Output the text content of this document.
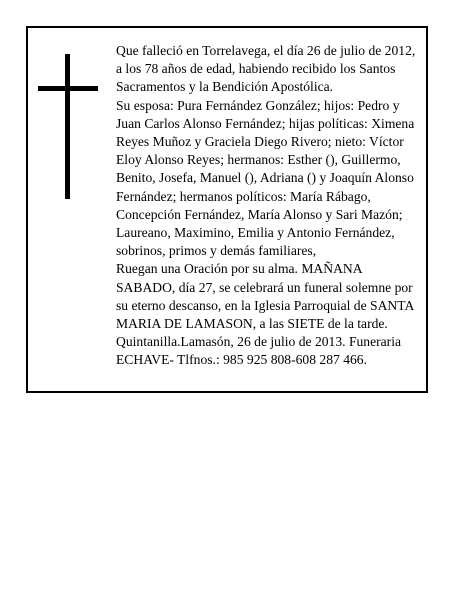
Que falleció en Torrelavega, el día 26 de julio de 2012, a los 78 años de edad, habiendo recibido los Santos Sacramentos y la Bendición Apostólica.

Su esposa: Pura Fernández González; hijos: Pedro y Juan Carlos Alonso Fernández; hijas políticas: Ximena Reyes Muñoz y Graciela Diego Rivero; nieto: Víctor Eloy Alonso Reyes; hermanos: Esther (), Guillermo, Benito, Josefa, Manuel (), Adriana () y Joaquín Alonso Fernández; hermanos políticos: María Rábago, Concepción Fernández, María Alonso y Sari Mazón; Laureano, Maximino, Emilia y Antonio Fernández, sobrinos, primos y demás familiares,

Ruegan una Oración por su alma. MAÑANA SABADO, día 27, se celebrará un funeral solemne por su eterno descanso, en la Iglesia Parroquial de SANTA MARIA DE LAMASON, a las SIETE de la tarde.

Quintanilla.Lamasón, 26 de julio de 2013. Funeraria ECHAVE- Tlfnos.: 985 925 808-608 287 466.
